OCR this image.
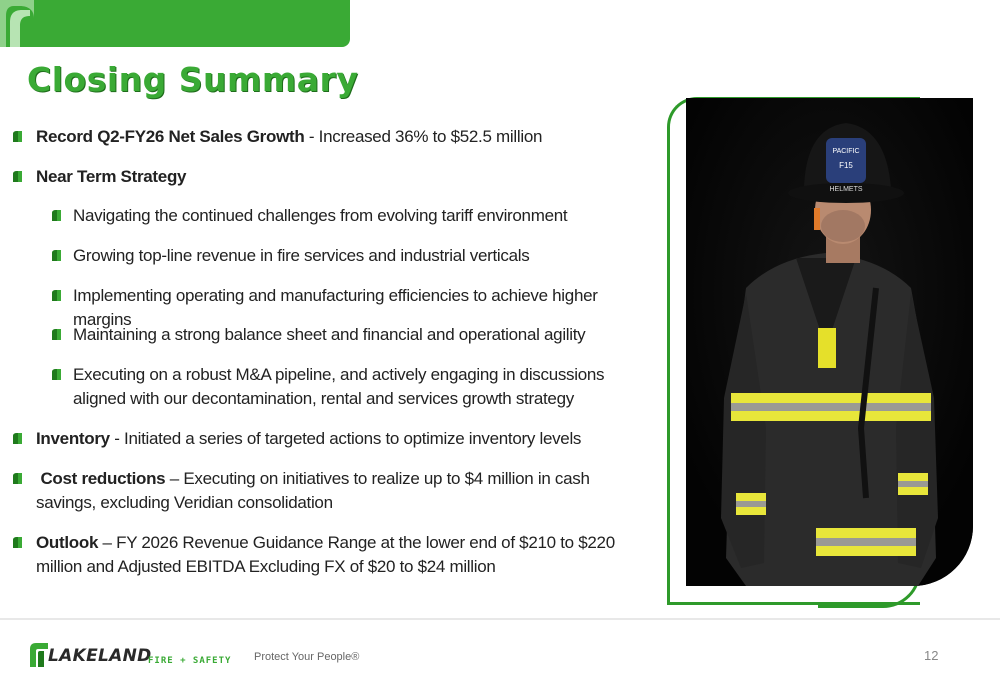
Closing Summary
Record Q2-FY26 Net Sales Growth - Increased 36% to $52.5 million
Near Term Strategy
Navigating the continued challenges from evolving tariff environment
Growing top-line revenue in fire services and industrial verticals
Implementing operating and manufacturing efficiencies to achieve higher margins
Maintaining a strong balance sheet and financial and operational agility
Executing on a robust M&A pipeline, and actively engaging in discussions aligned with our decontamination, rental and services growth strategy
Inventory - Initiated a series of targeted actions to optimize inventory levels
Cost reductions – Executing on initiatives to realize up to $4 million in cash savings, excluding Veridian consolidation
Outlook – FY 2026 Revenue Guidance Range at the lower end of $210 to $220 million and Adjusted EBITDA Excluding FX of $20 to $24 million
PACIFIC
F15
HELMETS
LAKELAND
FIRE + SAFETY Protect Your People®	12
